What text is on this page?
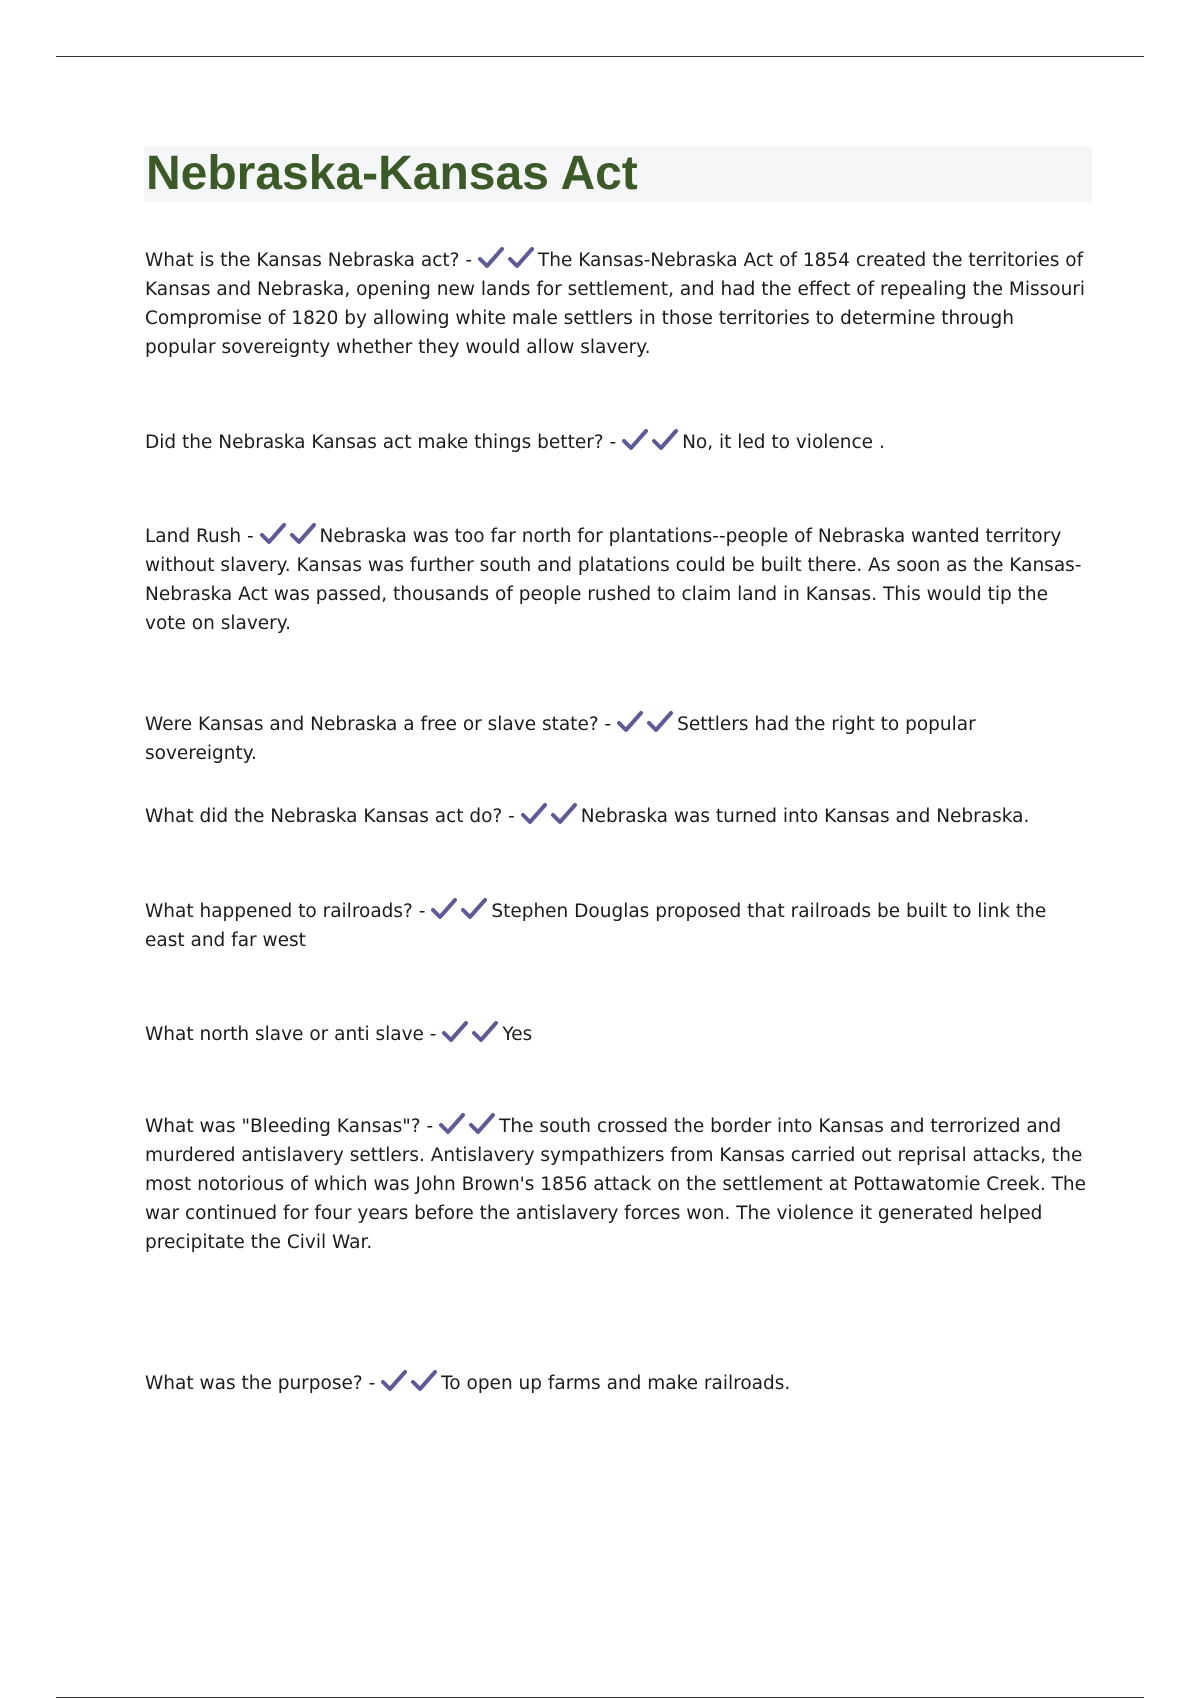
Nebraska-Kansas Act

What is the Kansas Nebraska act? -	The Kansas-Nebraska Act of 1854 created the territories of Kansas and Nebraska, opening new lands for settlement, and had the effect of repealing the Missouri Compromise of 1820 by allowing white male settlers in those territories to determine through popular sovereignty whether they would allow slavery.

Did the Nebraska Kansas act make things better? -	No, it led to violence .

Land Rush -	Nebraska was too far north for plantations--people of Nebraska wanted territory without slavery. Kansas was further south and platations could be built there. As soon as the Kansas-Nebraska Act was passed, thousands of people rushed to claim land in Kansas. This would tip the vote on slavery.

Were Kansas and Nebraska a free or slave state? -	Settlers had the right to popular sovereignty.

What did the Nebraska Kansas act do? -	Nebraska was turned into Kansas and Nebraska.

What happened to railroads? -	Stephen Douglas proposed that railroads be built to link the east and far west

What north slave or anti slave -	Yes

What was "Bleeding Kansas"? -	The south crossed the border into Kansas and terrorized and murdered antislavery settlers. Antislavery sympathizers from Kansas carried out reprisal attacks, the most notorious of which was John Brown's 1856 attack on the settlement at Pottawatomie Creek. The war continued for four years before the antislavery forces won. The violence it generated helped precipitate the Civil War.

What was the purpose? -	To open up farms and make railroads.
